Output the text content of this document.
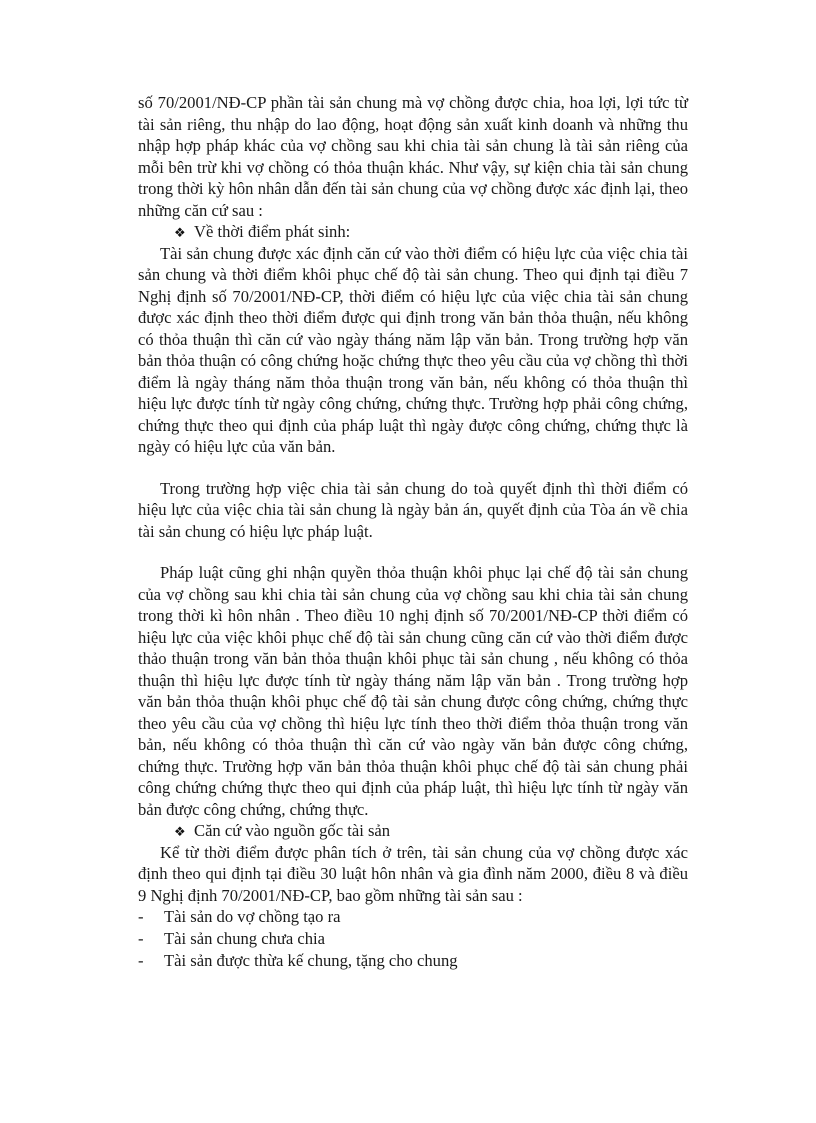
số 70/2001/NĐ-CP phần tài sản chung mà vợ chồng được chia, hoa lợi, lợi tức từ tài sản riêng, thu nhập do lao động, hoạt động sản xuất kinh doanh và những thu nhập hợp pháp khác của vợ chồng sau khi chia tài sản chung là tài sản riêng của mỗi bên trừ khi vợ chồng có thỏa thuận khác. Như vậy, sự kiện chia tài sản chung trong thời kỳ hôn nhân dẫn đến tài sản chung của vợ chồng được xác định lại, theo những căn cứ sau :

❖ Về thời điểm phát sinh:

Tài sản chung được xác định căn cứ vào thời điểm có hiệu lực của việc chia tài sản chung và thời điểm khôi phục chế độ tài sản chung. Theo qui định tại điều 7 Nghị định số 70/2001/NĐ-CP, thời điểm có hiệu lực của việc chia tài sản chung được xác định theo thời điểm được qui định trong văn bản thỏa thuận, nếu không có thỏa thuận thì căn cứ vào ngày tháng năm lập văn bản. Trong trường hợp văn bản thỏa thuận có công chứng hoặc chứng thực theo yêu cầu của vợ chồng thì thời điểm là ngày tháng năm thỏa thuận trong văn bản, nếu không có thỏa thuận thì hiệu lực được tính từ ngày công chứng, chứng thực. Trường hợp phải công chứng, chứng thực theo qui định của pháp luật thì ngày được công chứng, chứng thực là ngày có hiệu lực của văn bản.

Trong trường hợp việc chia tài sản chung do toà quyết định thì thời điểm có hiệu lực của việc chia tài sản chung là ngày bản án, quyết định của Tòa án về chia tài sản chung có hiệu lực pháp luật.

Pháp luật cũng ghi nhận quyền thỏa thuận khôi phục lại chế độ tài sản chung của vợ chồng sau khi chia tài sản chung của vợ chồng sau khi chia tài sản chung trong thời kì hôn nhân . Theo điều 10 nghị định số 70/2001/NĐ-CP thời điểm có hiệu lực của việc khôi phục chế độ tài sản chung cũng căn cứ vào thời điểm được thảo thuận trong văn bản thỏa thuận khôi phục tài sản chung , nếu không có thỏa thuận thì hiệu lực được tính từ ngày tháng năm lập văn bản . Trong trường hợp văn bản thỏa thuận khôi phục chế độ tài sản chung được công chứng, chứng thực theo yêu cầu của vợ chồng thì hiệu lực tính theo thời điểm thỏa thuận trong văn bản, nếu không có thỏa thuận thì căn cứ vào ngày văn bản được công chứng, chứng thực. Trường hợp văn bản thỏa thuận khôi phục chế độ tài sản chung phải công chứng chứng thực theo qui định của pháp luật, thì hiệu lực tính từ ngày văn bản được công chứng, chứng thực.

❖ Căn cứ vào nguồn gốc tài sản

Kể từ thời điểm được phân tích ở trên, tài sản chung của vợ chồng được xác định theo qui định tại điều 30 luật hôn nhân và gia đình năm 2000, điều 8 và điều 9 Nghị định 70/2001/NĐ-CP, bao gồm những tài sản sau :

-	Tài sản do vợ chồng tạo ra
-	Tài sản chung chưa chia
-	Tài sản được thừa kế chung, tặng cho chung
